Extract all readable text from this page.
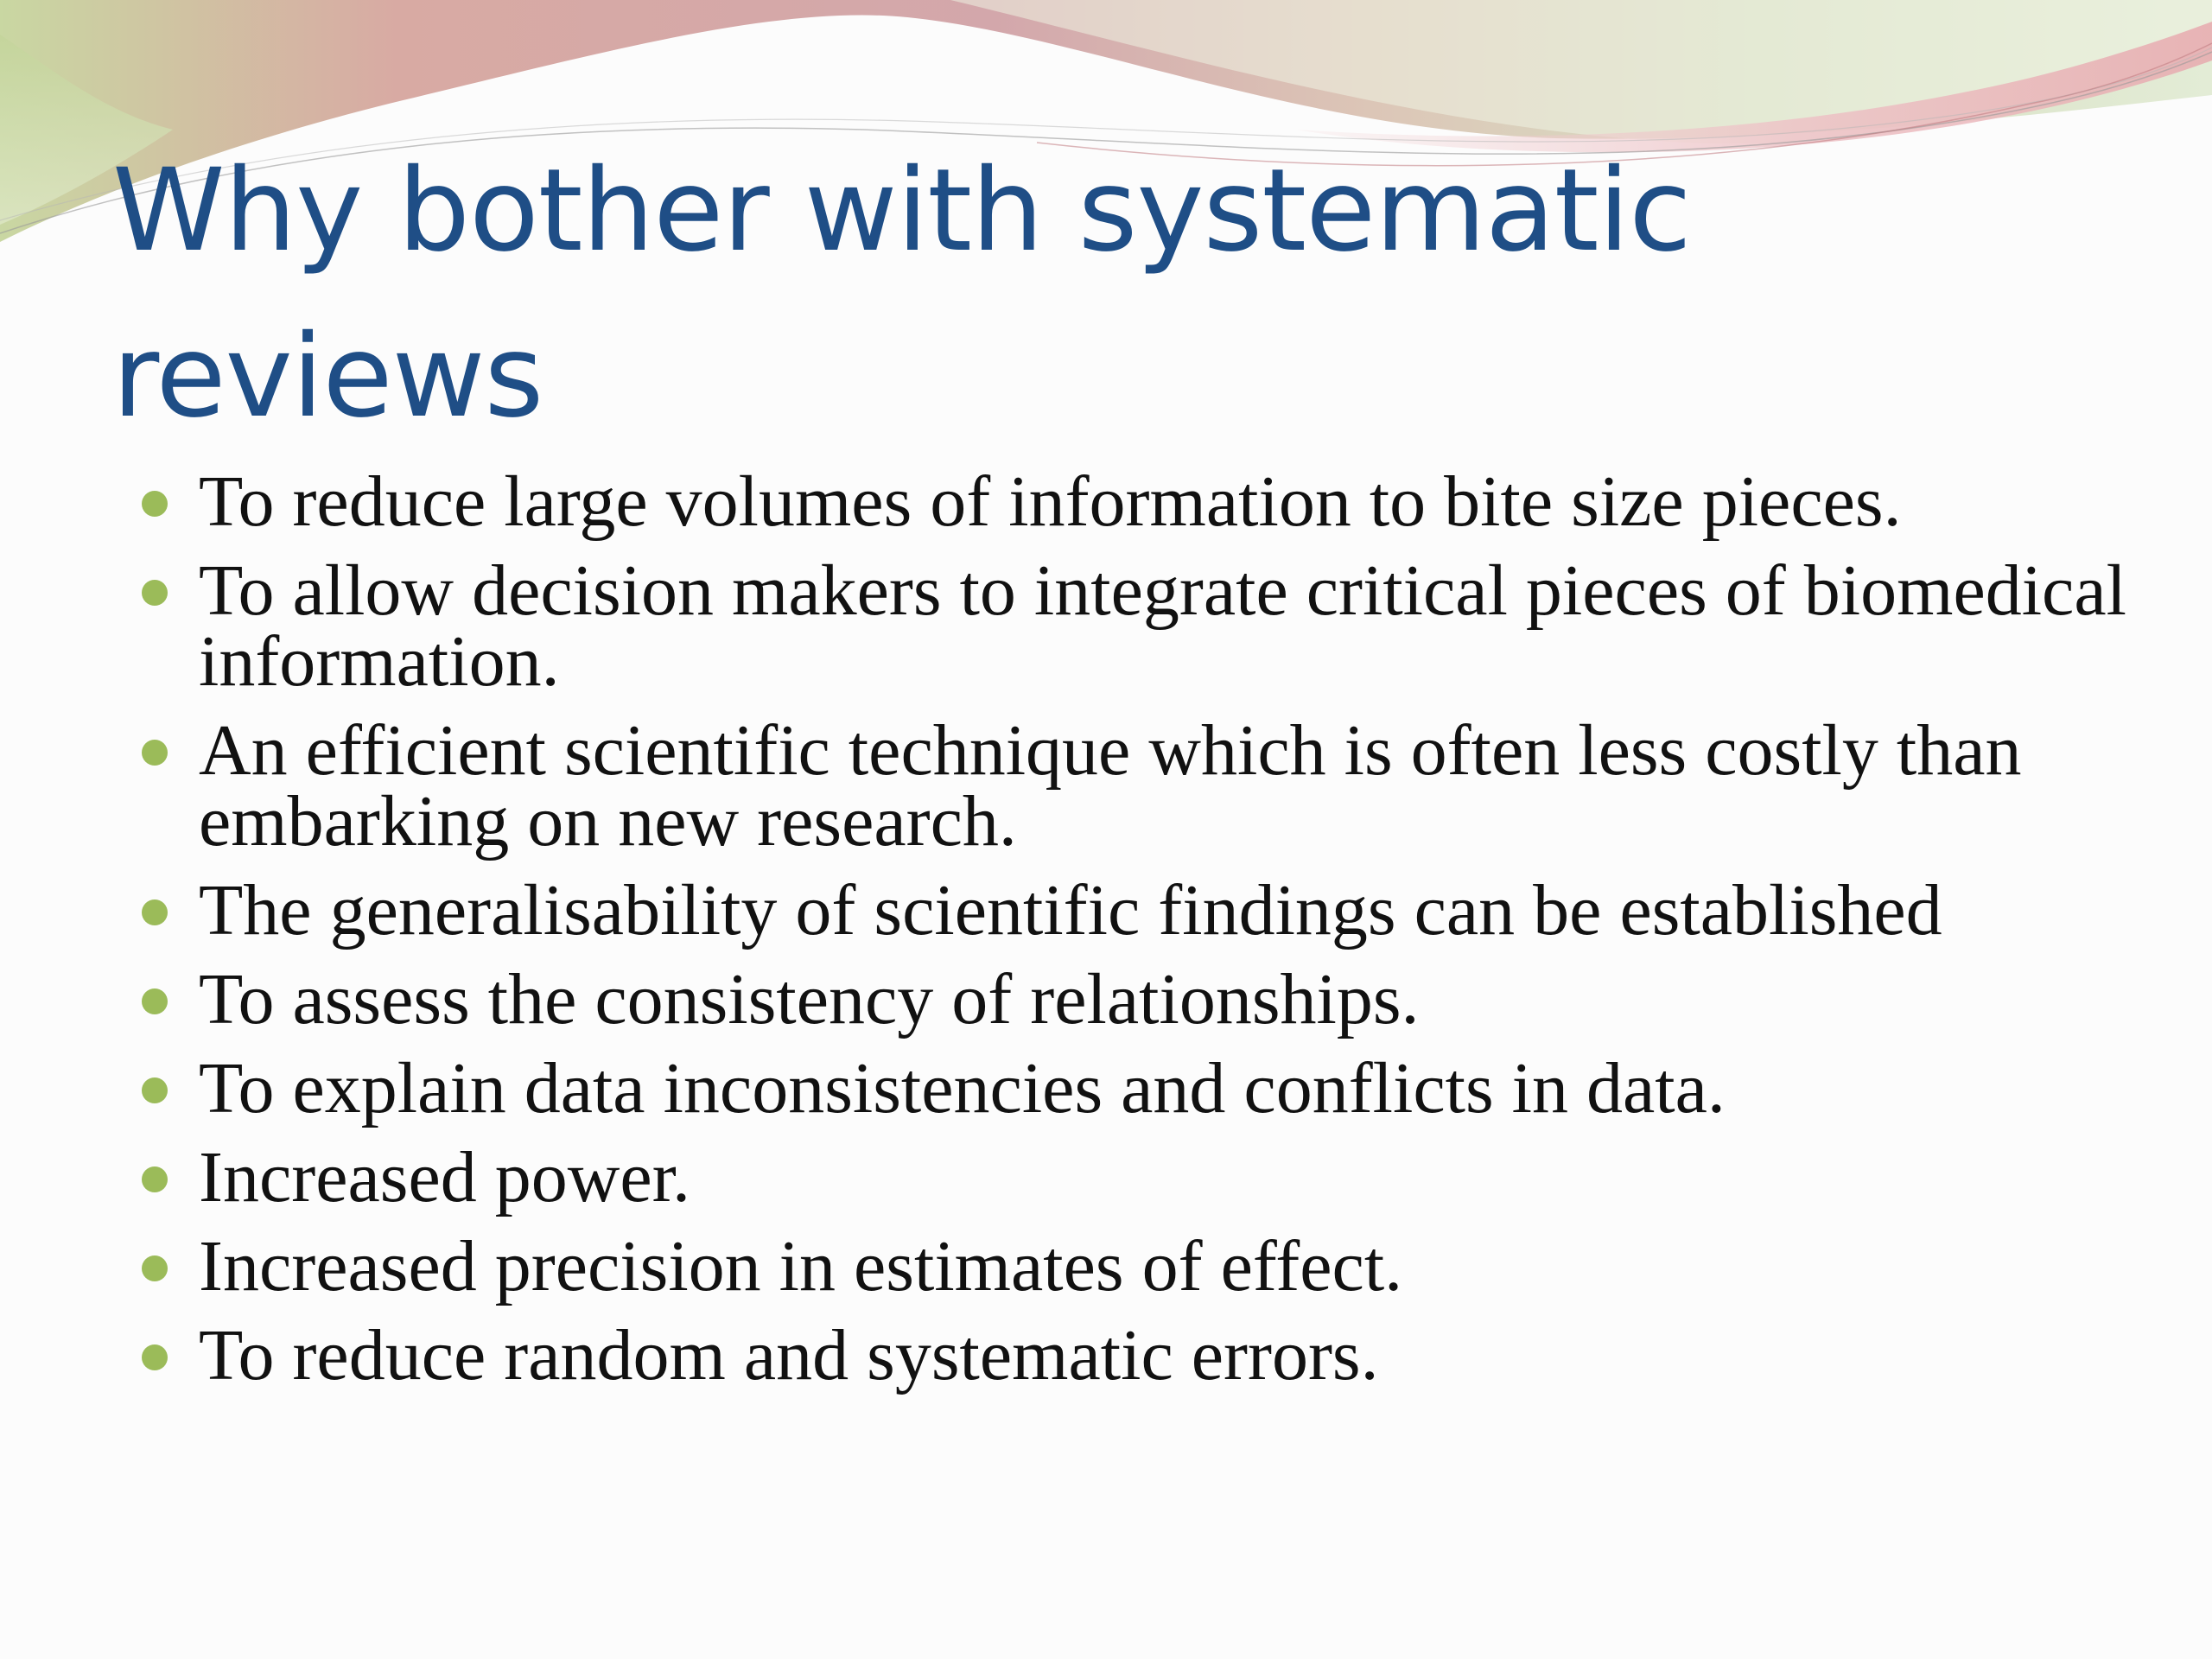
Why bother with systematic reviews
To reduce large volumes of information to bite size pieces.
To allow decision makers to integrate critical pieces of biomedical information.
An efficient scientific technique which is often less costly than embarking on new research.
The generalisability of scientific findings can be established
To assess the consistency of relationships.
To explain data inconsistencies and conflicts in data.
Increased power.
Increased precision in estimates of effect.
To reduce random and systematic errors.
